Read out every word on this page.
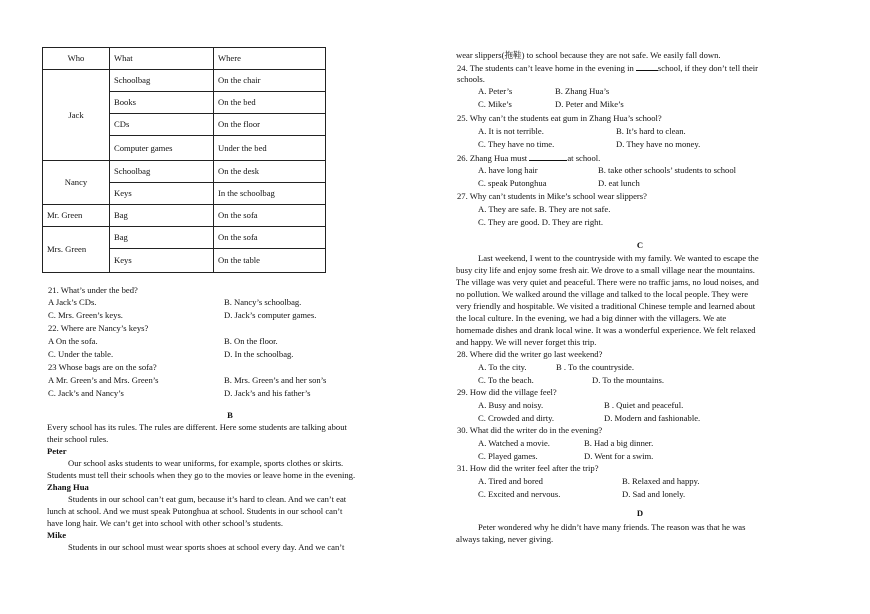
Who	What	Where
Jack	Schoolbag	On the chair
	Books	On the bed
	CDs	On the floor
	Computer games	Under the bed
Nancy	Schoolbag	On the desk
	Keys	In the schoolbag
Mr. Green	Bag	On the sofa
Mrs. Green	Bag	On the sofa
	Keys	On the table
21. What’s under the bed?
A Jack’s CDs.	B. Nancy’s schoolbag.
C. Mrs. Green’s keys.	D. Jack’s computer games.
22. Where are Nancy’s keys?
A On the sofa.	B. On the floor.
C. Under the table.	D. In the schoolbag.
23 Whose bags are on the sofa?
A Mr. Green’s and Mrs. Green’s	B. Mrs. Green’s and her son’s
C. Jack’s and Nancy’s	D. Jack’s and his father’s
B
Every school has its rules. The rules are different. Here some students are talking about
their school rules.
Peter
Our school asks students to wear uniforms, for example, sports clothes or skirts.
Students must tell their schools when they go to the movies or leave home in the evening.
Zhang Hua
Students in our school can’t eat gum, because it’s hard to clean. And we can’t eat
lunch at school. And we must speak Putonghua at school. Students in our school can’t
have long hair. We can’t get into school with other school’s students.
Mike
Students in our school must wear sports shoes at school every day. And we can’t
wear slippers(拖鞋) to school because they are not safe. We easily fall down.
24. The students can’t leave home in the evening in	school, if they don’t tell their
schools.
A. Peter’s	B. Zhang Hua’s
C. Mike’s	D. Peter and Mike’s
25. Why can’t the students eat gum in Zhang Hua’s school?
A. It is not terrible.	B. It’s hard to clean.
C. They have no time.	D. They have no money.
26. Zhang Hua must	at school.
A. have long hair	B. take other schools’ students to school
C. speak Putonghua	D. eat lunch
27. Why can’t students in Mike’s school wear slippers?
A. They are safe. B. They are not safe.
C. They are good. D. They are right.
C
Last weekend, I went to the countryside with my family. We wanted to escape the
busy city life and enjoy some fresh air. We drove to a small village near the mountains.
The village was very quiet and peaceful. There were no traffic jams, no loud noises, and
no pollution. We walked around the village and talked to the local people. They were
very friendly and hospitable. We visited a traditional Chinese temple and learned about
the local culture. In the evening, we had a big dinner with the villagers. We ate
homemade dishes and drank local wine. It was a wonderful experience. We felt relaxed
and happy. We will never forget this trip.
28. Where did the writer go last weekend?
A. To the city.	B . To the countryside.
C. To the beach.	D. To the mountains.
29. How did the village feel?
A. Busy and noisy.	B . Quiet and peaceful.
C. Crowded and dirty.	D. Modern and fashionable.
30. What did the writer do in the evening?
A. Watched a movie.	B. Had a big dinner.
C. Played games.	D. Went for a swim.
31. How did the writer feel after the trip?
A. Tired and bored	B. Relaxed and happy.
C. Excited and nervous.	D. Sad and lonely.
D
Peter wondered why he didn’t have many friends. The reason was that he was
always taking, never giving.
